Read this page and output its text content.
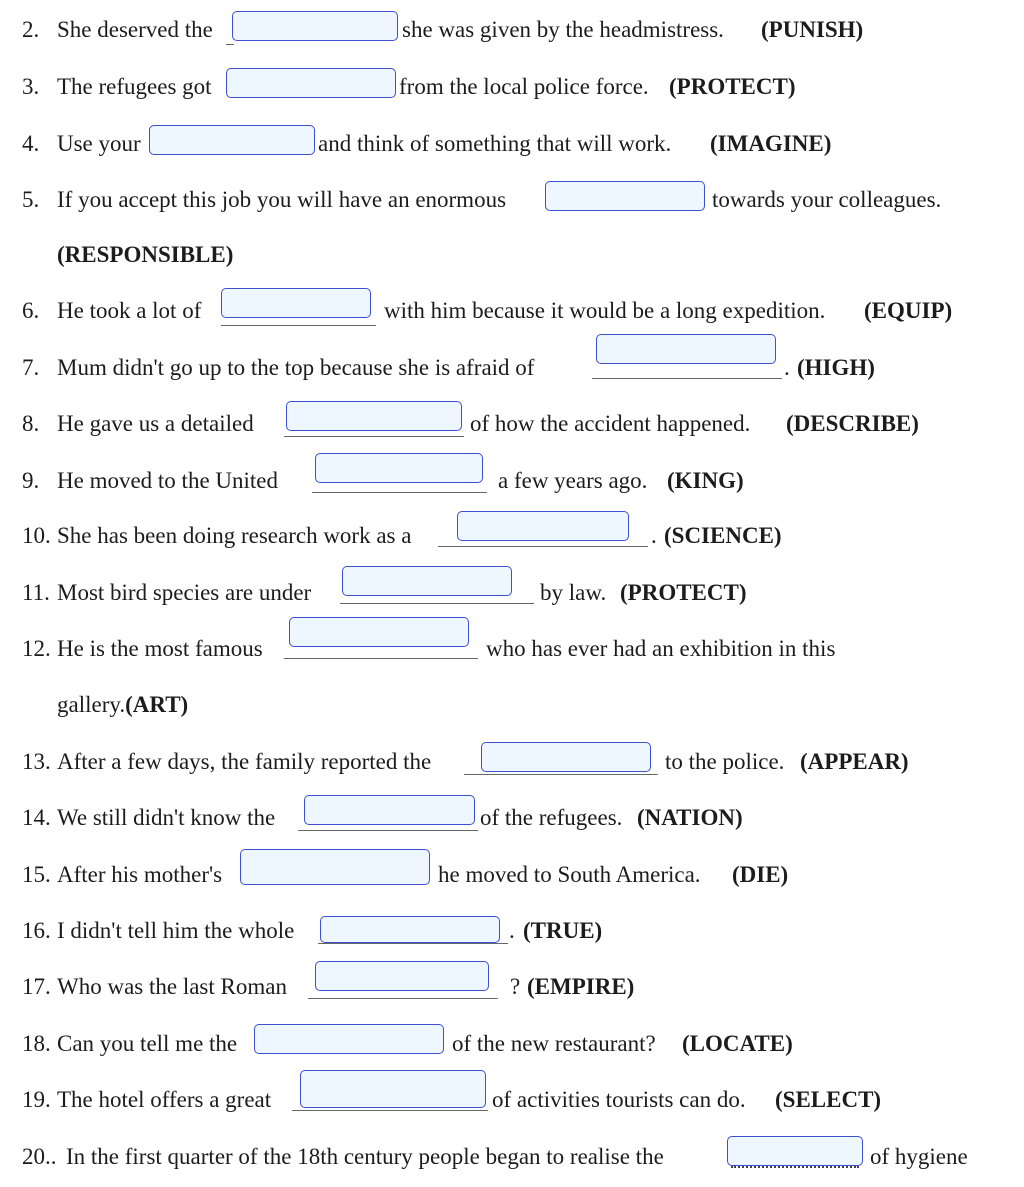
2. She deserved the	she was given by the headmistress. (PUNISH)
3. The refugees got	from the local police force. (PROTECT)
4. Use your	and think of something that will work. (IMAGINE)
5. If you accept this job you will have an enormous	towards your colleagues.
(RESPONSIBLE)
6. He took a lot of	with him because it would be a long expedition. (EQUIP)
7. Mum didn't go up to the top because she is afraid of	. (HIGH)
8. He gave us a detailed	of how the accident happened. (DESCRIBE)
9. He moved to the United	a few years ago. (KING)
10. She has been doing research work as a	. (SCIENCE)
11. Most bird species are under	by law. (PROTECT)
12. He is the most famous	who has ever had an exhibition in this
gallery.(ART)
13. After a few days, the family reported the	to the police. (APPEAR)
14. We still didn't know the	of the refugees. (NATION)
15. After his mother's	he moved to South America. (DIE)
16. I didn't tell him the whole	. (TRUE)
17. Who was the last Roman	? (EMPIRE)
18. Can you tell me the	of the new restaurant? (LOCATE)
19. The hotel offers a great	of activities tourists can do. (SELECT)
20.. In the first quarter of the 18th century people began to realise the	of hygiene
